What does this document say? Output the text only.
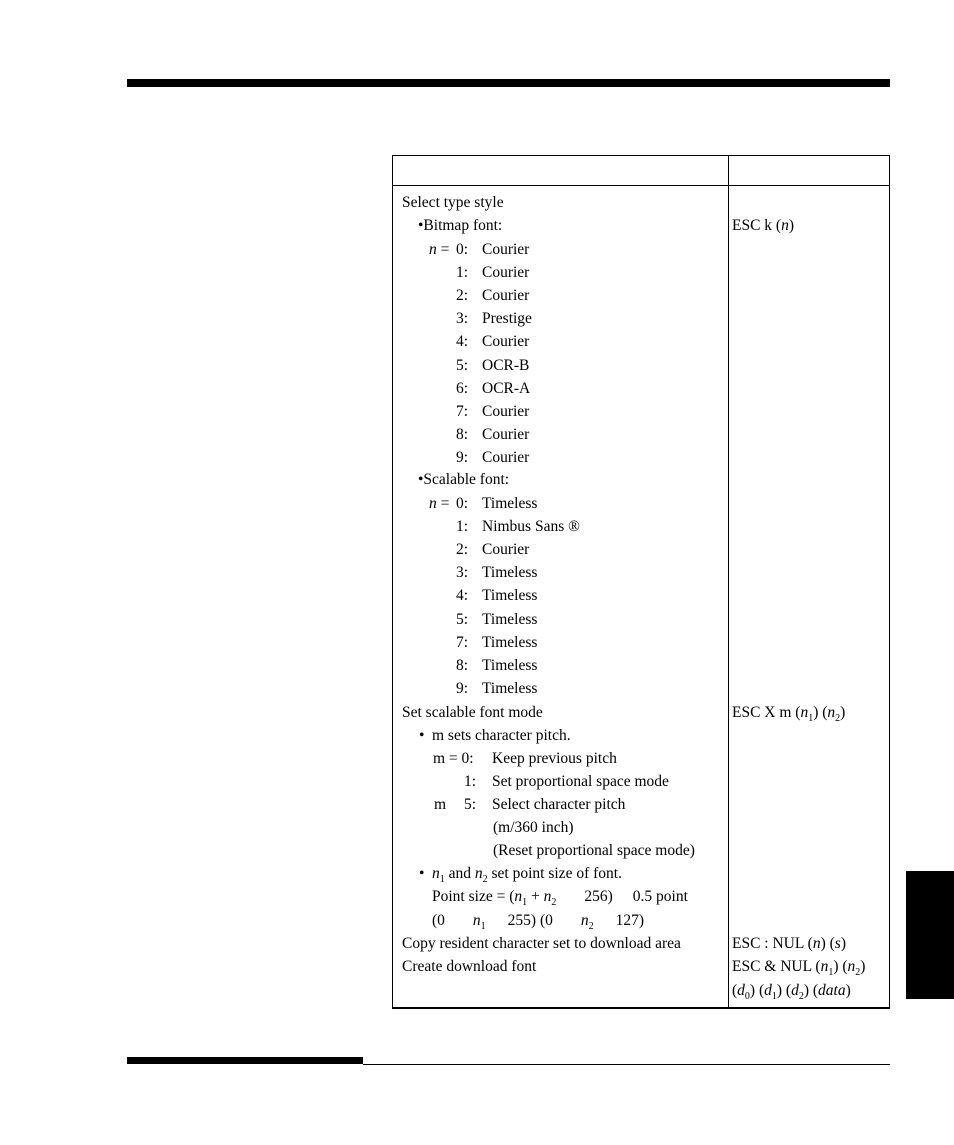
Select type style
•Bitmap font:	ESC k (n)
n = 0: Courier
1: Courier
2: Courier
3: Prestige
4: Courier
5: OCR-B
6: OCR-A
7: Courier
8: Courier
9: Courier
•Scalable font:
n = 0: Timeless
1: Nimbus Sans ®
2: Courier
3: Timeless
4: Timeless
5: Timeless
7: Timeless
8: Timeless
9: Timeless
Set scalable font mode	ESC X m $(n_1)$ $(n_2)$
• m sets character pitch.
m = 0: Keep previous pitch
1: Set proportional space mode
m 5: Select character pitch
(m/360 inch)
(Reset proportional space mode)
• $n_1$ and $n_2$ set point size of font.
Point size = ($n_1 + n_2$ 256) 0.5 point
(0 $n_1$ 255) (0 $n_2$ 127)
Copy resident character set to download area	ESC : NUL (n) (s)
Create download font	ESC & NUL $(n_1)$ $(n_2)$
$(d_0)$ $(d_1)$ $(d_2)$ (data)
